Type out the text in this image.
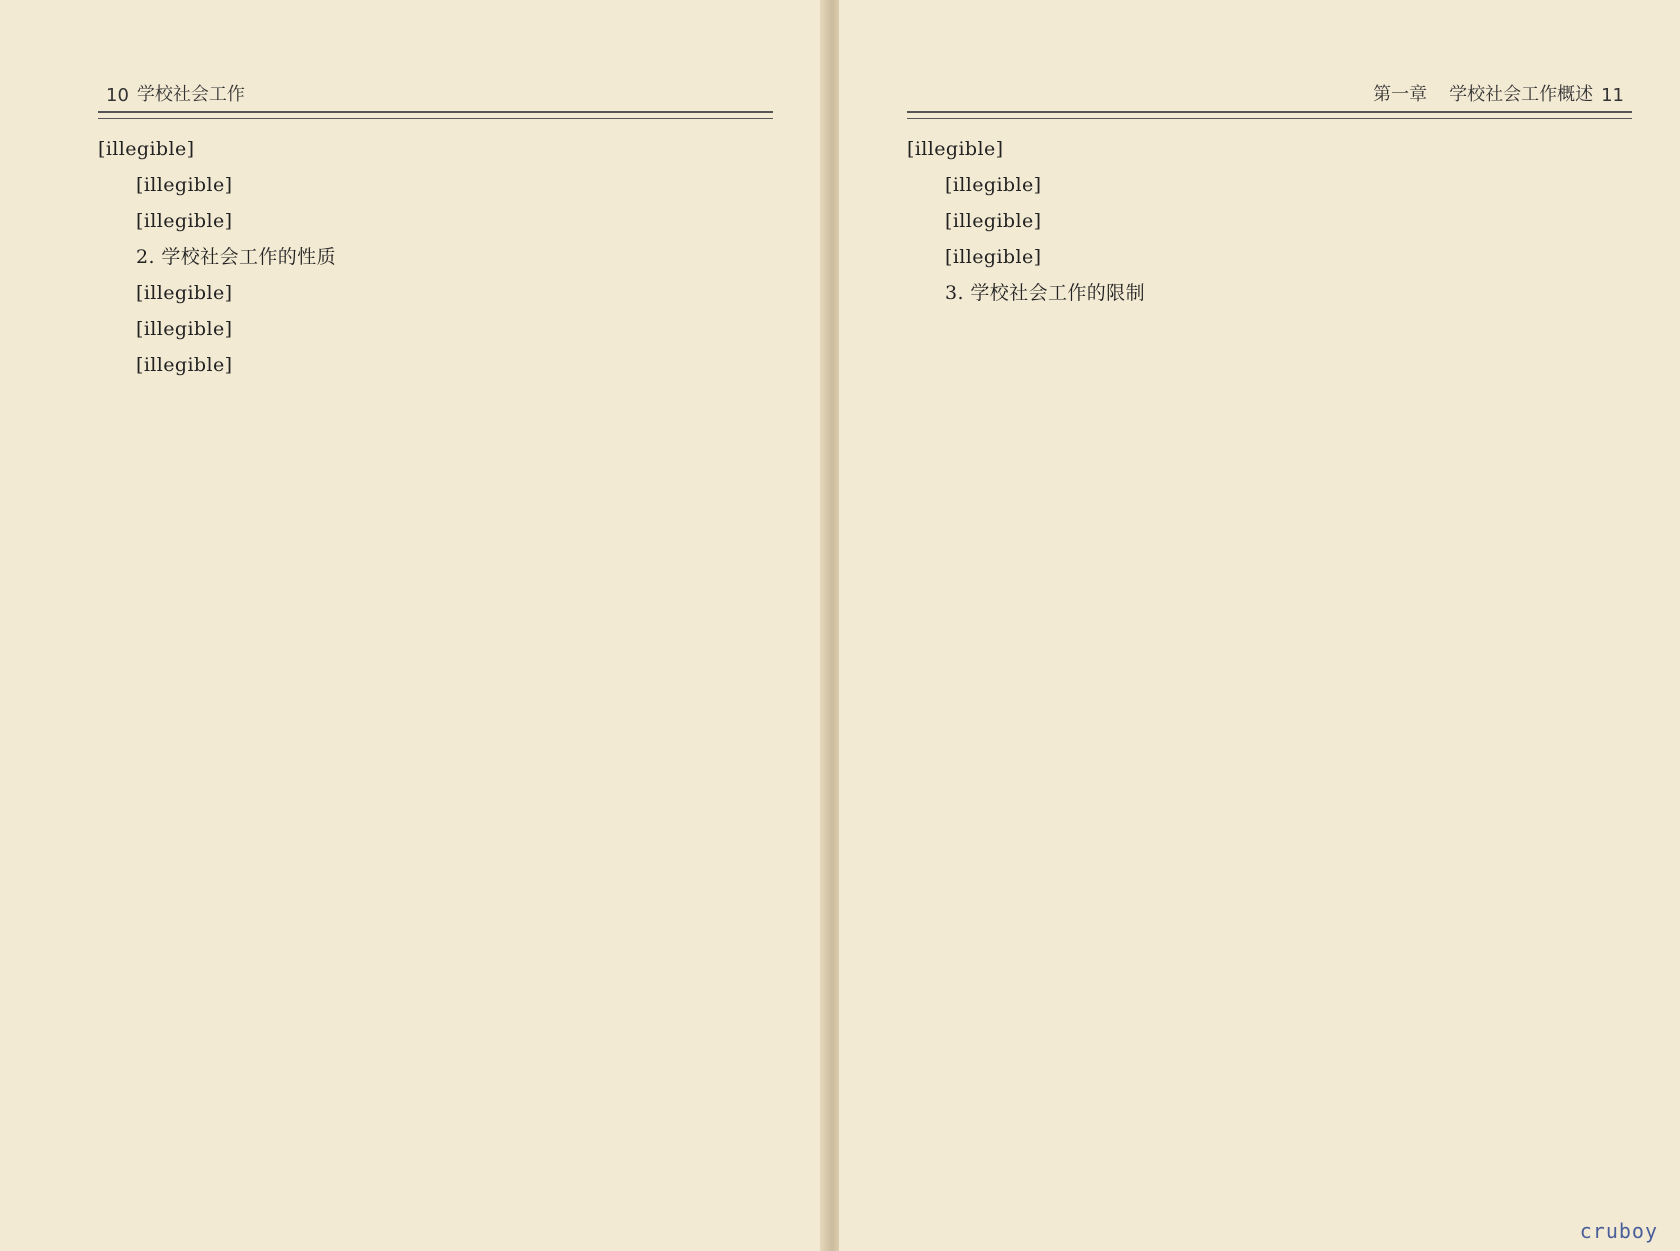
10 学校社会工作

[illegible]

[illegible]

[illegible]

2. 学校社会工作的性质

[illegible]

[illegible]

[illegible]

第一章 学校社会工作概述 11

[illegible]

[illegible]

[illegible]

[illegible]

3. 学校社会工作的限制
cruboy
